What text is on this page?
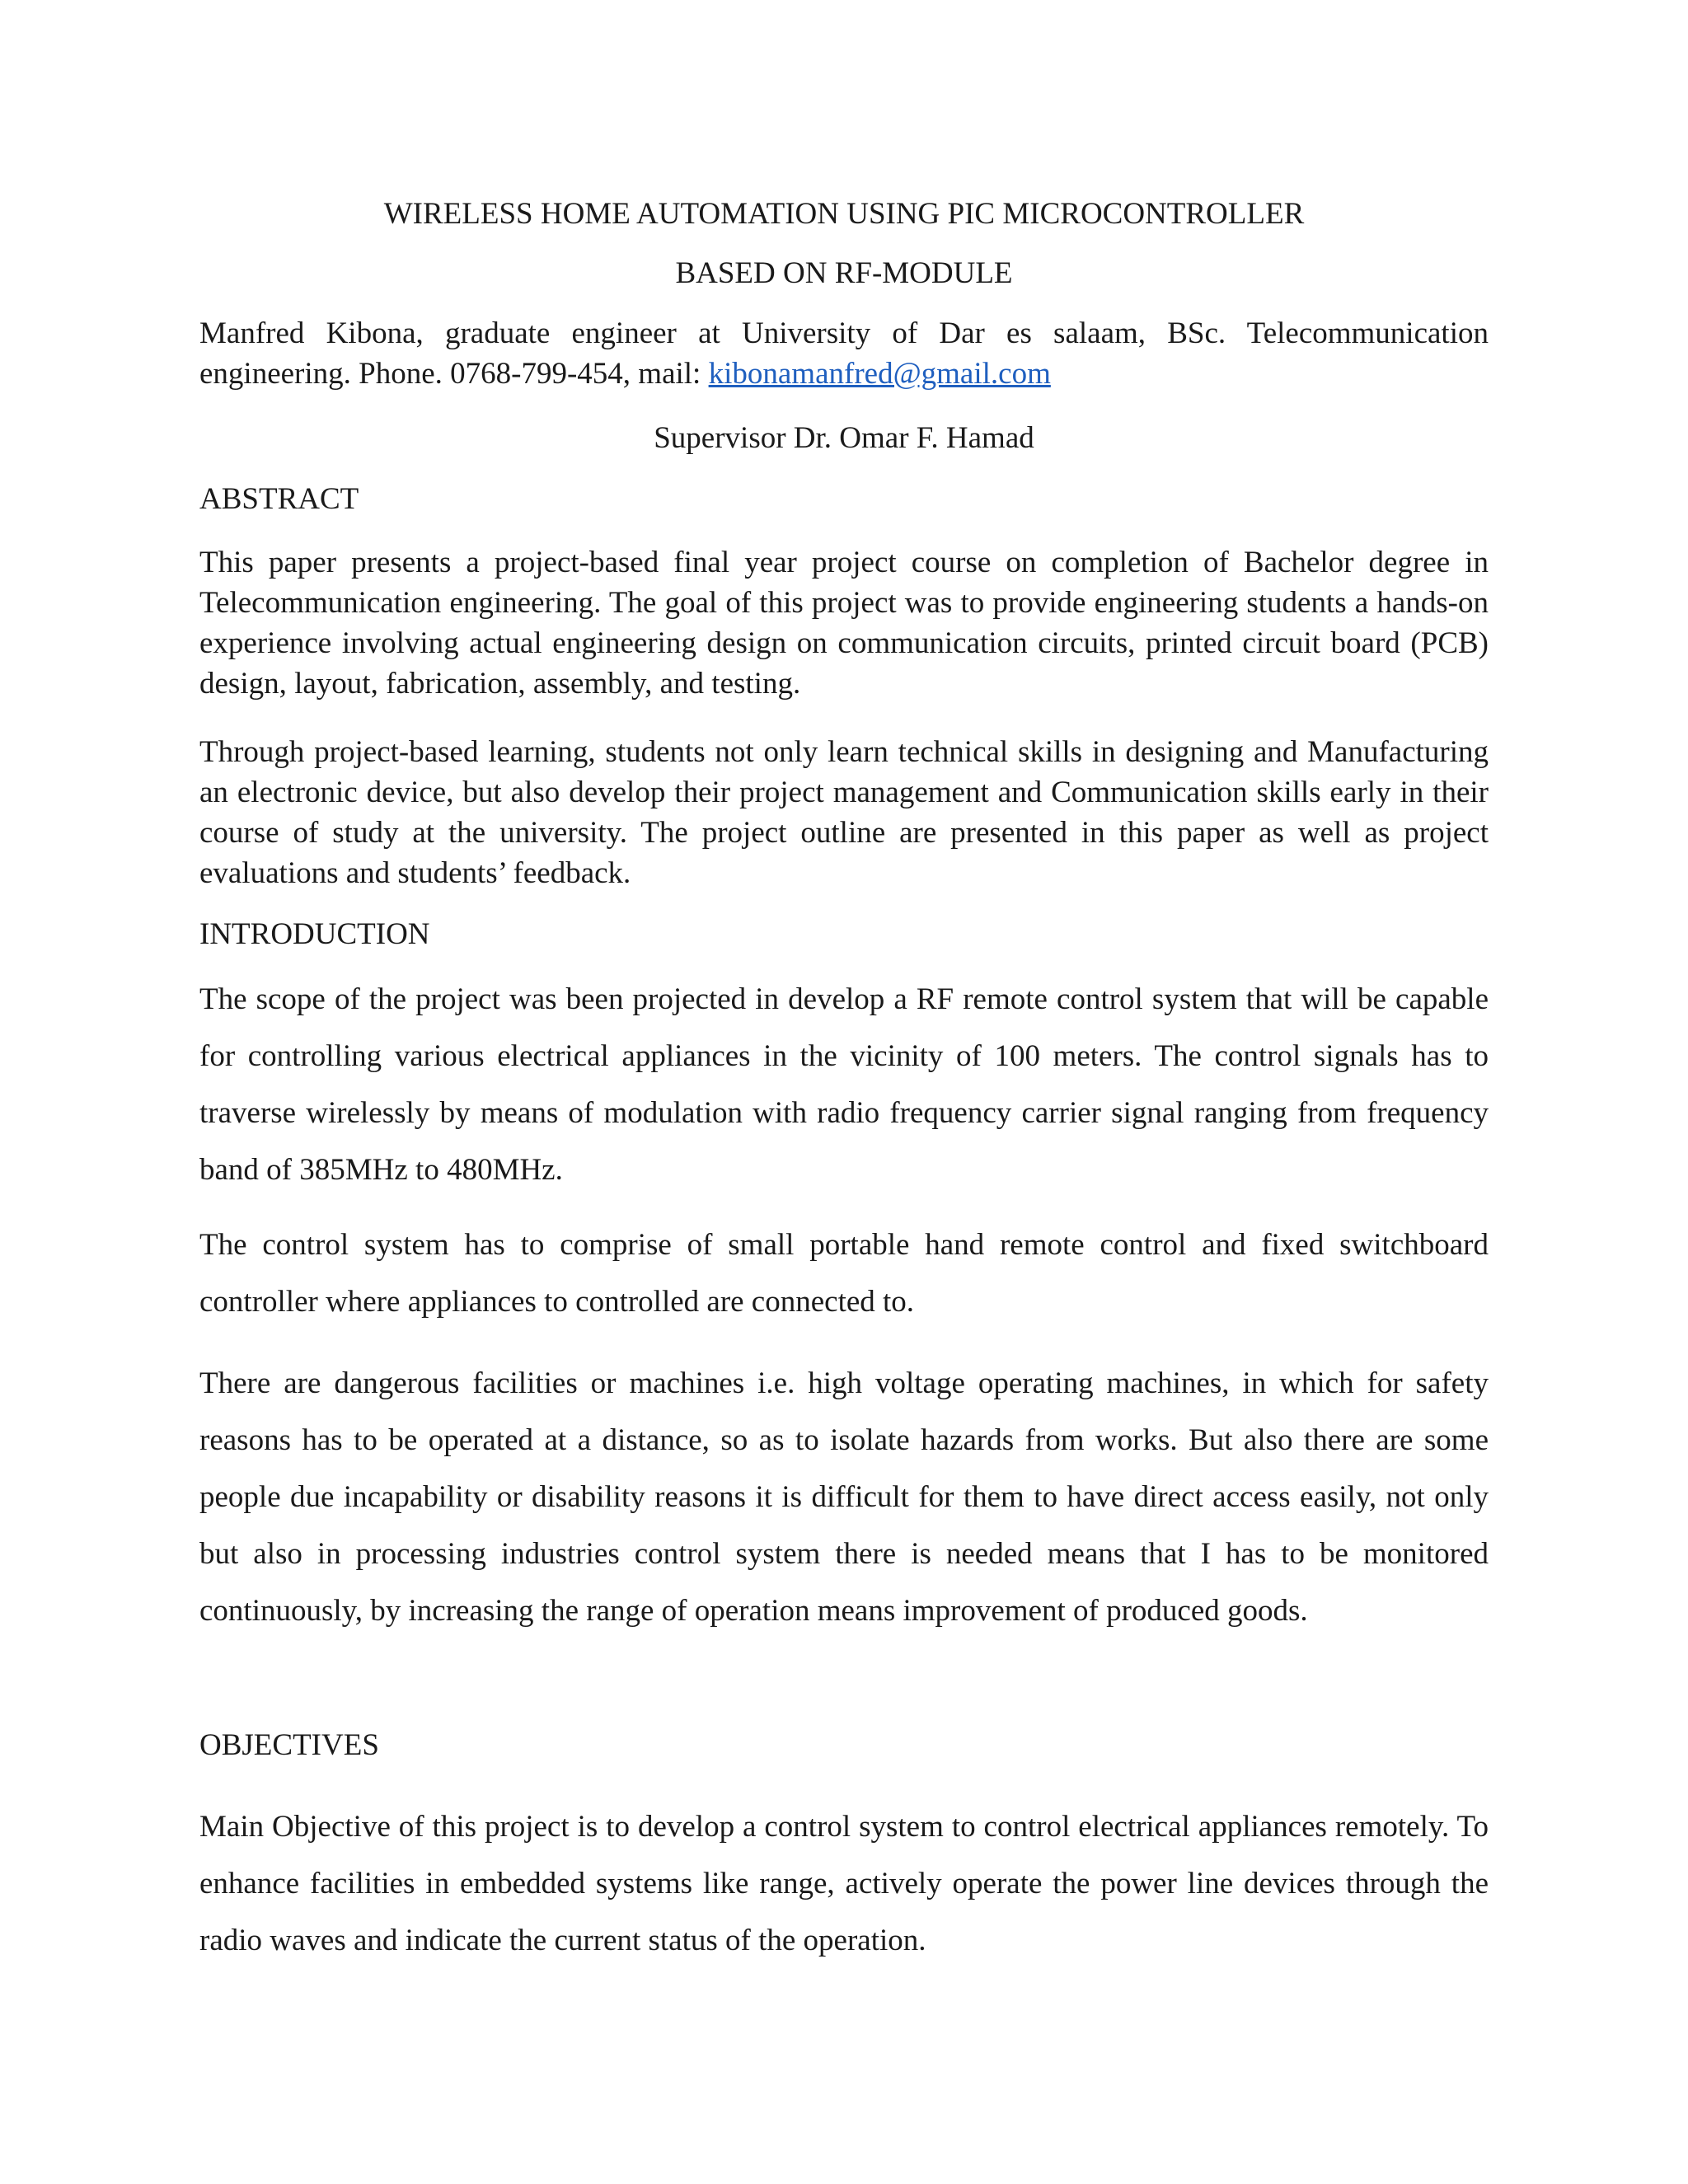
WIRELESS HOME AUTOMATION USING PIC MICROCONTROLLER
BASED ON RF-MODULE
Manfred Kibona, graduate engineer at University of Dar es salaam, BSc. Telecommunication engineering. Phone. 0768-799-454, mail: kibonamanfred@gmail.com
Supervisor Dr. Omar F. Hamad
ABSTRACT
This paper presents a project-based final year project course on completion of Bachelor degree in Telecommunication engineering. The goal of this project was to provide engineering students a hands-on experience involving actual engineering design on communication circuits, printed circuit board (PCB) design, layout, fabrication, assembly, and testing.
Through project-based learning, students not only learn technical skills in designing and Manufacturing an electronic device, but also develop their project management and Communication skills early in their course of study at the university. The project outline are presented in this paper as well as project evaluations and students’ feedback.
INTRODUCTION
The scope of the project was been projected in develop a RF remote control system that will be capable for controlling various electrical appliances in the vicinity of 100 meters. The control signals has to traverse wirelessly by means of modulation with radio frequency carrier signal ranging from frequency band of 385MHz to 480MHz.
The control system has to comprise of small portable hand remote control and fixed switchboard controller where appliances to controlled are connected to.
There are dangerous facilities or machines i.e. high voltage operating machines, in which for safety reasons has to be operated at a distance, so as to isolate hazards from works. But also there are some people due incapability or disability reasons it is difficult for them to have direct access easily, not only but also in processing industries control system there is needed means that I has to be monitored continuously, by increasing the range of operation means improvement of produced goods.
OBJECTIVES
Main Objective of this project is to develop a control system to control electrical appliances remotely. To enhance facilities in embedded systems like range, actively operate the power line devices through the radio waves and indicate the current status of the operation.
